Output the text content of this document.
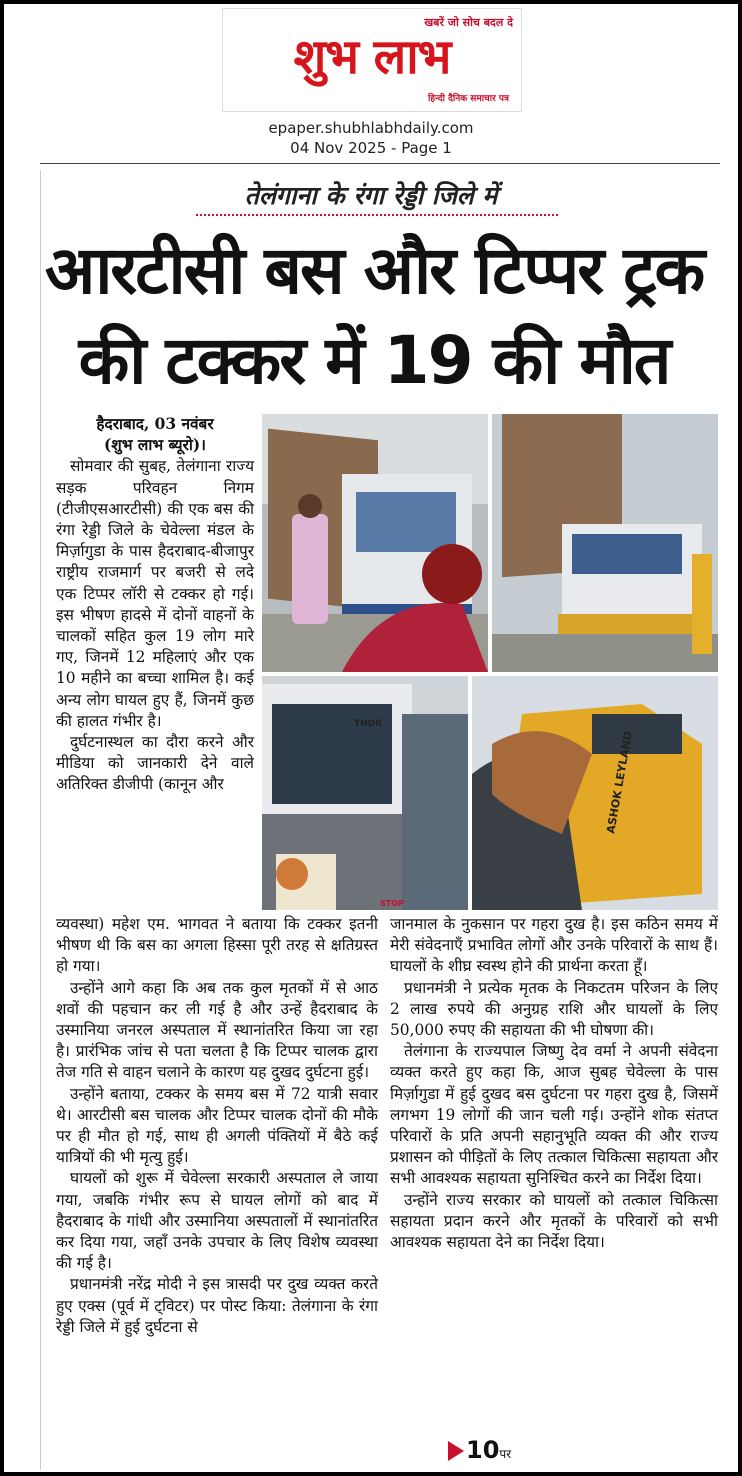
खबरें जो सोच बदल दे
शुभ लाभ
हिन्दी दैनिक समाचार पत्र
epaper.shubhlabhdaily.com
04 Nov 2025 - Page 1
तेलंगाना के रंगा रेड्डी जिले में
आरटीसी बस और टिप्पर ट्रक
की टक्कर में 19 की मौत
TNDR
ASHOK LEYLAND
STOP

हैदराबाद, 03 नवंबर
(शुभ लाभ ब्यूरो)।

सोमवार की सुबह, तेलंगाना राज्य सड़क परिवहन निगम (टीजीएसआरटीसी) की एक बस की रंगा रेड्डी जिले के चेवेल्ला मंडल के मिर्ज़ागुडा के पास हैदराबाद-बीजापुर राष्ट्रीय राजमार्ग पर बजरी से लदे एक टिप्पर लॉरी से टक्कर हो गई। इस भीषण हादसे में दोनों वाहनों के चालकों सहित कुल 19 लोग मारे गए, जिनमें 12 महिलाएं और एक 10 महीने का बच्चा शामिल है। कई अन्य लोग घायल हुए हैं, जिनमें कुछ की हालत गंभीर है।

दुर्घटनास्थल का दौरा करने और मीडिया को जानकारी देने वाले अतिरिक्त डीजीपी (कानून और

व्यवस्था) महेश एम. भागवत ने बताया कि टक्कर इतनी भीषण थी कि बस का अगला हिस्सा पूरी तरह से क्षतिग्रस्त हो गया।

उन्होंने आगे कहा कि अब तक कुल मृतकों में से आठ शवों की पहचान कर ली गई है और उन्हें हैदराबाद के उस्मानिया जनरल अस्पताल में स्थानांतरित किया जा रहा है। प्रारंभिक जांच से पता चलता है कि टिप्पर चालक द्वारा तेज गति से वाहन चलाने के कारण यह दुखद दुर्घटना हुई।

उन्होंने बताया, टक्कर के समय बस में 72 यात्री सवार थे। आरटीसी बस चालक और टिप्पर चालक दोनों की मौके पर ही मौत हो गई, साथ ही अगली पंक्तियों में बैठे कई यात्रियों की भी मृत्यु हुई।

घायलों को शुरू में चेवेल्ला सरकारी अस्पताल ले जाया गया, जबकि गंभीर रूप से घायल लोगों को बाद में हैदराबाद के गांधी और उस्मानिया अस्पतालों में स्थानांतरित कर दिया गया, जहाँ उनके उपचार के लिए विशेष व्यवस्था की गई है।

प्रधानमंत्री नरेंद्र मोदी ने इस त्रासदी पर दुख व्यक्त करते हुए एक्स (पूर्व में ट्विटर) पर पोस्ट किया: तेलंगाना के रंगा रेड्डी जिले में हुई दुर्घटना से

जानमाल के नुकसान पर गहरा दुख है। इस कठिन समय में मेरी संवेदनाएँ प्रभावित लोगों और उनके परिवारों के साथ हैं। घायलों के शीघ्र स्वस्थ होने की प्रार्थना करता हूँ।

प्रधानमंत्री ने प्रत्येक मृतक के निकटतम परिजन के लिए 2 लाख रुपये की अनुग्रह राशि और घायलों के लिए 50,000 रुपए की सहायता की भी घोषणा की।

तेलंगाना के राज्यपाल जिष्णु देव वर्मा ने अपनी संवेदना व्यक्त करते हुए कहा कि, आज सुबह चेवेल्ला के पास मिर्ज़ागुडा में हुई दुखद बस दुर्घटना पर गहरा दुख है, जिसमें लगभग 19 लोगों की जान चली गई। उन्होंने शोक संतप्त परिवारों के प्रति अपनी सहानुभूति व्यक्त की और राज्य प्रशासन को पीड़ितों के लिए तत्काल चिकित्सा सहायता और सभी आवश्यक सहायता सुनिश्चित करने का निर्देश दिया।

उन्होंने राज्य सरकार को घायलों को तत्काल चिकित्सा सहायता प्रदान करने और मृतकों के परिवारों को सभी आवश्यक सहायता देने का निर्देश दिया।

10पर
